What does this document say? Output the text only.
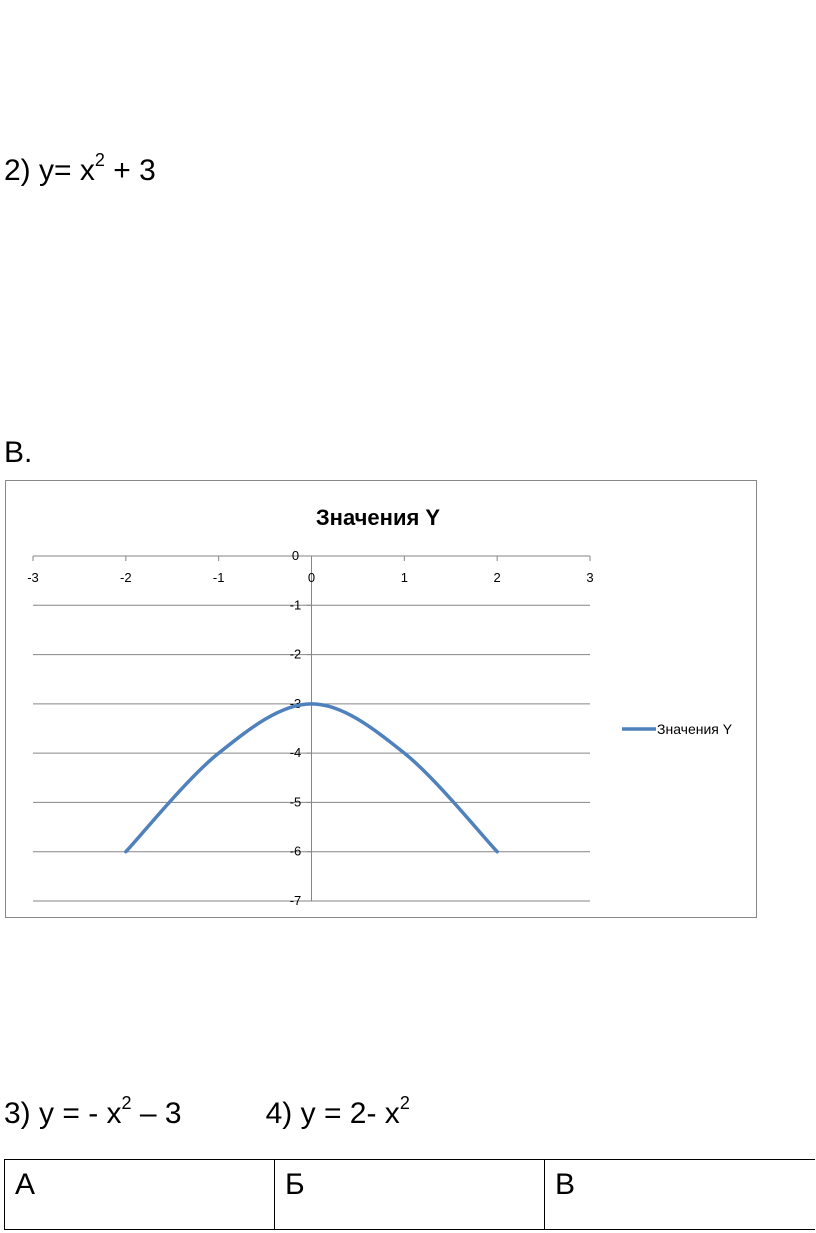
2) $y= x^2 + 3$
В.
Значения Y
-3	-2	-1	0	1	2	3
0
-1
-2
-3
-4
-5
-6
-7
Значения Y
3) y = - $x^2 - 3$	4) y = 2- $x^2$
А	Б	В
